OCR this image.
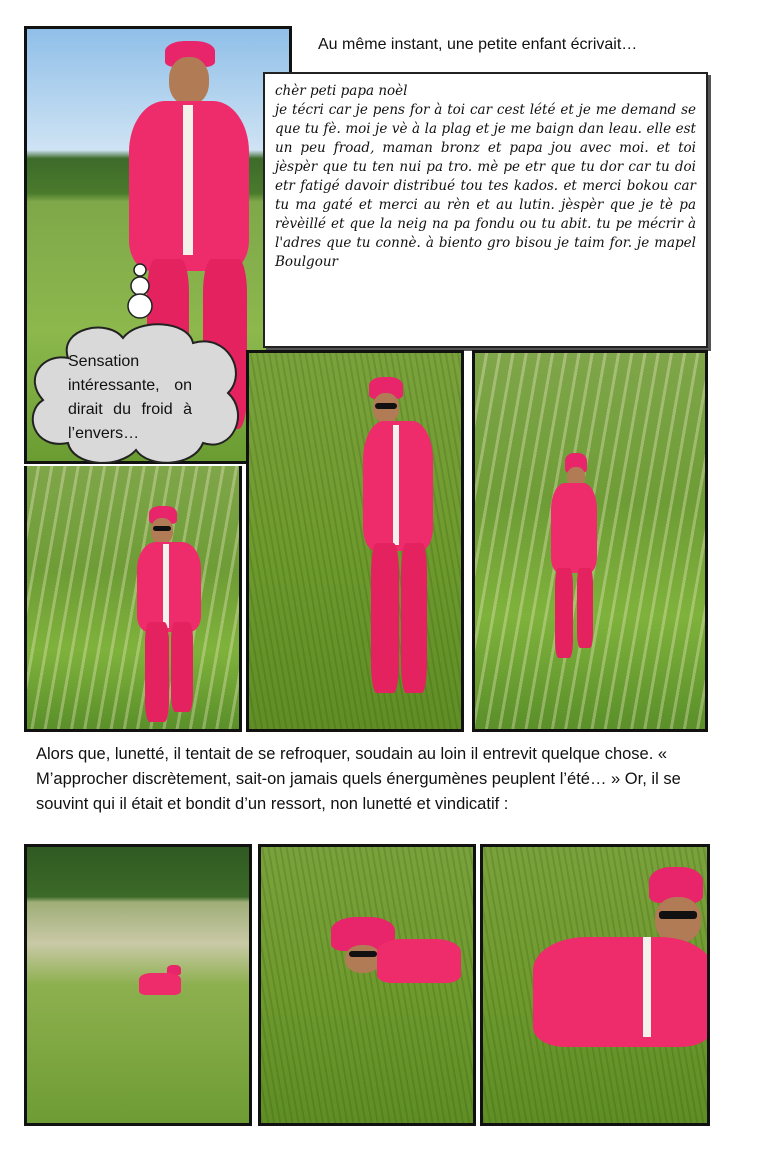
Au même instant, une petite enfant écrivait…
chèr peti papa noèl
je técri car je pens for à toi car cest lété et je me demand se que tu fè. moi je vè à la plag et je me baign dan leau. elle est un peu froad, maman bronz et papa jou avec moi. et toi jèspèr que tu ten nui pa tro. mè pe etr que tu dor car tu doi etr fatigé davoir distribué tou tes kados. et merci bokou car tu ma gaté et merci au rèn et au lutin. jèspèr que je tè pa rèvèillé et que la neig na pa fondu ou tu abit. tu pe mécrir à l'adres que tu connè. à biento gro bisou je taim for. je mapel Boulgour
Sensation intéressante, on dirait du froid à l’envers…
Alors que, lunetté, il tentait de se refroquer, soudain au loin il entrevit quelque chose. « M’approcher discrètement, sait-on jamais quels énergumènes peuplent l’été… » Or, il se souvint qui il était et bondit d’un ressort, non lunetté et vindicatif :
